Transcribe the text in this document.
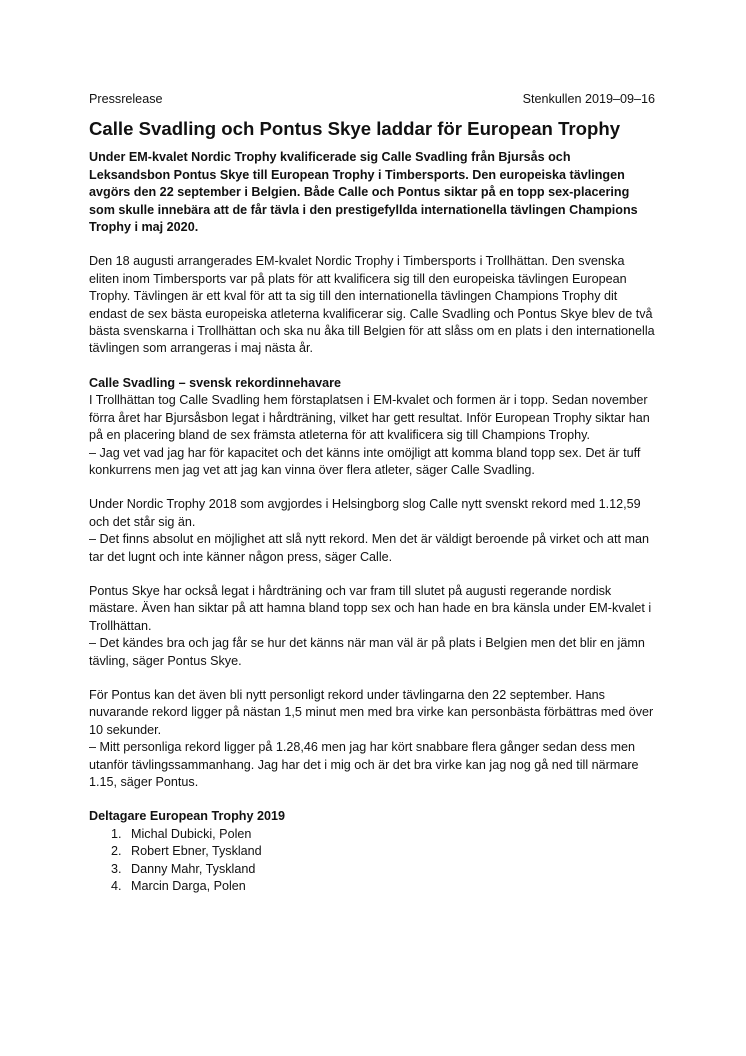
Pressrelease	Stenkullen 2019–09–16
Calle Svadling och Pontus Skye laddar för European Trophy

Under EM-kvalet Nordic Trophy kvalificerade sig Calle Svadling från Bjursås och Leksandsbon Pontus Skye till European Trophy i Timbersports. Den europeiska tävlingen avgörs den 22 september i Belgien. Både Calle och Pontus siktar på en topp sex-placering som skulle innebära att de får tävla i den prestigefyllda internationella tävlingen Champions Trophy i maj 2020.

Den 18 augusti arrangerades EM-kvalet Nordic Trophy i Timbersports i Trollhättan. Den svenska eliten inom Timbersports var på plats för att kvalificera sig till den europeiska tävlingen European Trophy. Tävlingen är ett kval för att ta sig till den internationella tävlingen Champions Trophy dit endast de sex bästa europeiska atleterna kvalificerar sig. Calle Svadling och Pontus Skye blev de två bästa svenskarna i Trollhättan och ska nu åka till Belgien för att slåss om en plats i den internationella tävlingen som arrangeras i maj nästa år.

Calle Svadling – svensk rekordinnehavare
I Trollhättan tog Calle Svadling hem förstaplatsen i EM-kvalet och formen är i topp. Sedan november förra året har Bjursåsbon legat i hårdträning, vilket har gett resultat. Inför European Trophy siktar han på en placering bland de sex främsta atleterna för att kvalificera sig till Champions Trophy.

– Jag vet vad jag har för kapacitet och det känns inte omöjligt att komma bland topp sex. Det är tuff konkurrens men jag vet att jag kan vinna över flera atleter, säger Calle Svadling.

Under Nordic Trophy 2018 som avgjordes i Helsingborg slog Calle nytt svenskt rekord med 1.12,59 och det står sig än.

– Det finns absolut en möjlighet att slå nytt rekord. Men det är väldigt beroende på virket och att man tar det lugnt och inte känner någon press, säger Calle.

Pontus Skye har också legat i hårdträning och var fram till slutet på augusti regerande nordisk mästare. Även han siktar på att hamna bland topp sex och han hade en bra känsla under EM-kvalet i Trollhättan.

– Det kändes bra och jag får se hur det känns när man väl är på plats i Belgien men det blir en jämn tävling, säger Pontus Skye.

För Pontus kan det även bli nytt personligt rekord under tävlingarna den 22 september. Hans nuvarande rekord ligger på nästan 1,5 minut men med bra virke kan personbästa förbättras med över 10 sekunder.

– Mitt personliga rekord ligger på 1.28,46 men jag har kört snabbare flera gånger sedan dess men utanför tävlingssammanhang. Jag har det i mig och är det bra virke kan jag nog gå ned till närmare 1.15, säger Pontus.

Deltagare European Trophy 2019
1. Michal Dubicki, Polen
2. Robert Ebner, Tyskland
3. Danny Mahr, Tyskland
4. Marcin Darga, Polen
